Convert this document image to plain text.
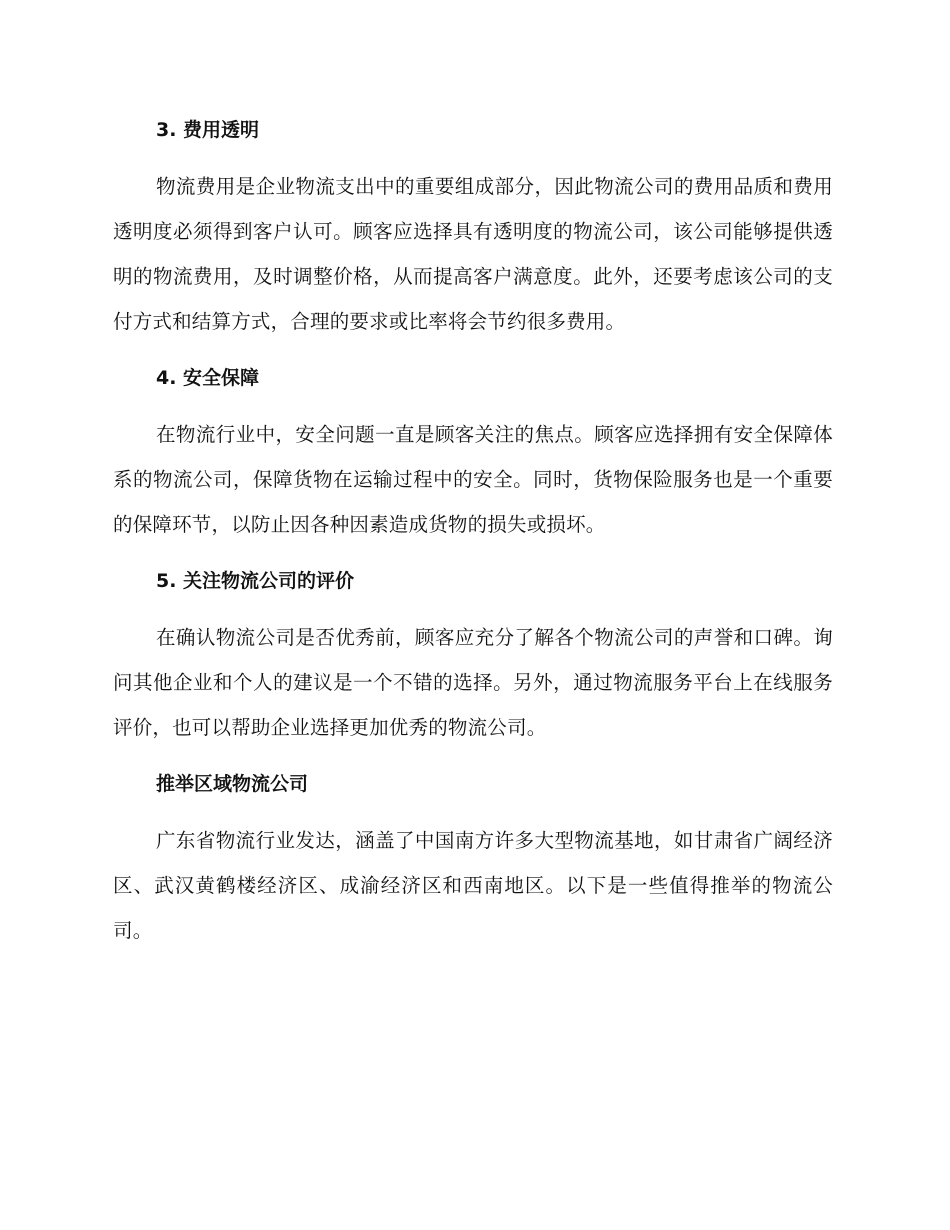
3. 费用透明

物流费用是企业物流支出中的重要组成部分，因此物流公司的费用品质和费用透明度必须得到客户认可。顾客应选择具有透明度的物流公司，该公司能够提供透明的物流费用，及时调整价格，从而提高客户满意度。此外，还要考虑该公司的支付方式和结算方式，合理的要求或比率将会节约很多费用。

4. 安全保障

在物流行业中，安全问题一直是顾客关注的焦点。顾客应选择拥有安全保障体系的物流公司，保障货物在运输过程中的安全。同时，货物保险服务也是一个重要的保障环节，以防止因各种因素造成货物的损失或损坏。

5. 关注物流公司的评价

在确认物流公司是否优秀前，顾客应充分了解各个物流公司的声誉和口碑。询问其他企业和个人的建议是一个不错的选择。另外，通过物流服务平台上在线服务评价，也可以帮助企业选择更加优秀的物流公司。

推举区域物流公司

广东省物流行业发达，涵盖了中国南方许多大型物流基地，如甘肃省广阔经济区、武汉黄鹤楼经济区、成渝经济区和西南地区。以下是一些值得推举的物流公司。
